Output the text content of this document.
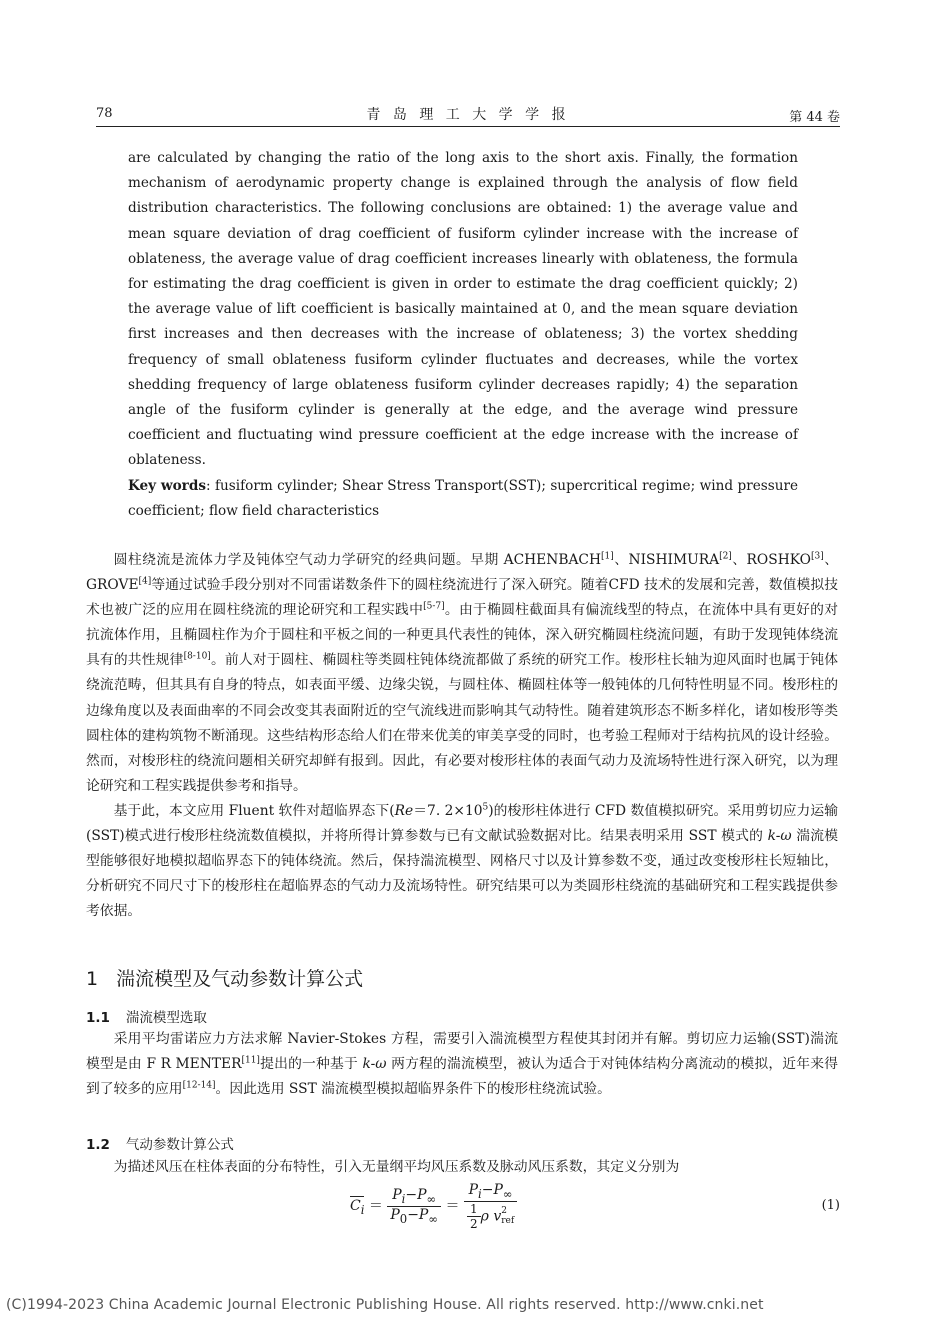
78	青 岛 理 工 大 学 学 报	第 44 卷

are calculated by changing the ratio of the long axis to the short axis. Finally, the formation mechanism of aerodynamic property change is explained through the analysis of flow field distribution characteristics. The following conclusions are obtained: 1) the average value and mean square deviation of drag coefficient of fusiform cylinder increase with the increase of oblateness, the average value of drag coefficient increases linearly with oblateness, the formula for estimating the drag coefficient is given in order to estimate the drag coefficient quickly; 2) the average value of lift coefficient is basically maintained at 0, and the mean square deviation first increases and then decreases with the increase of oblateness; 3) the vortex shedding frequency of small oblateness fusiform cylinder fluctuates and decreases, while the vortex shedding frequency of large oblateness fusiform cylinder decreases rapidly; 4) the separation angle of the fusiform cylinder is generally at the edge, and the average wind pressure coefficient and fluctuating wind pressure coefficient at the edge increase with the increase of oblateness.

Key words: fusiform cylinder; Shear Stress Transport(SST); supercritical regime; wind pressure coefficient; flow field characteristics

圆柱绕流是流体力学及钝体空气动力学研究的经典问题。早期 ACHENBACH[1]、NISHIMURA[2]、ROSHKO[3]、GROVE[4]等通过试验手段分别对不同雷诺数条件下的圆柱绕流进行了深入研究。随着CFD 技术的发展和完善，数值模拟技术也被广泛的应用在圆柱绕流的理论研究和工程实践中[5-7]。由于椭圆柱截面具有偏流线型的特点，在流体中具有更好的对抗流体作用，且椭圆柱作为介于圆柱和平板之间的一种更具代表性的钝体，深入研究椭圆柱绕流问题，有助于发现钝体绕流具有的共性规律[8-10]。前人对于圆柱、椭圆柱等类圆柱钝体绕流都做了系统的研究工作。梭形柱长轴为迎风面时也属于钝体绕流范畴，但其具有自身的特点，如表面平缓、边缘尖锐，与圆柱体、椭圆柱体等一般钝体的几何特性明显不同。梭形柱的边缘角度以及表面曲率的不同会改变其表面附近的空气流线进而影响其气动特性。随着建筑形态不断多样化，诸如梭形等类圆柱体的建构筑物不断涌现。这些结构形态给人们在带来优美的审美享受的同时，也考验工程师对于结构抗风的设计经验。然而，对梭形柱的绕流问题相关研究却鲜有报到。因此，有必要对梭形柱体的表面气动力及流场特性进行深入研究，以为理论研究和工程实践提供参考和指导。

基于此，本文应用 Fluent 软件对超临界态下(Re＝7. $2\times 10^5$)的梭形柱体进行 CFD 数值模拟研究。采用剪切应力运输(SST)模式进行梭形柱绕流数值模拟，并将所得计算参数与已有文献试验数据对比。结果表明采用 SST 模式的 k-ω 湍流模型能够很好地模拟超临界态下的钝体绕流。然后，保持湍流模型、网格尺寸以及计算参数不变，通过改变梭形柱长短轴比，分析研究不同尺寸下的梭形柱在超临界态的气动力及流场特性。研究结果可以为类圆形柱绕流的基础研究和工程实践提供参考依据。

1 湍流模型及气动参数计算公式
1.1 湍流模型选取

采用平均雷诺应力方法求解 Navier-Stokes 方程，需要引入湍流模型方程使其封闭并有解。剪切应力运输(SST)湍流模型是由 F R MENTER[11]提出的一种基于 k-ω 两方程的湍流模型，被认为适合于对钝体结构分离流动的模拟，近年来得到了较多的应用[12-14]。因此选用 SST 湍流模型模拟超临界条件下的梭形柱绕流试验。

1.2 气动参数计算公式

为描述风压在柱体表面的分布特性，引入无量纲平均风压系数及脉动风压系数，其定义分别为

$C_i = \frac{P_i-P_\infty}{P_0-P_\infty} = P_i-P_\infty$
$\frac{1}{2}$ ρ v 2
ref	(1)
(C)1994-2023 China Academic Journal Electronic Publishing House. All rights reserved. http://www.cnki.net
